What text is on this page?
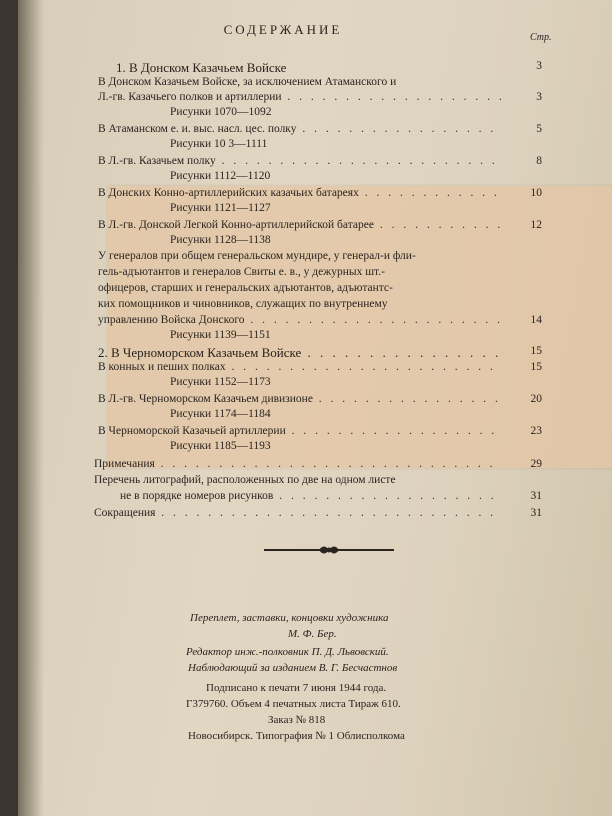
СОДЕРЖАНИЕ
Стр.
1. В Донском Казачьем Войске	3
В Донском Казачьем Войске, за исключением Атаманского и
Л.-гв. Казачьего полков и артиллерии . . . . . . . . . . . . . . . . . . .	3
Рисунки 1070—1092
В Атаманском е. и. выс. насл. цес. полку . . . . . . . . . . . . . . . . .	5
Рисунки 10 3—1111
В Л.-гв. Казачьем полку . . . . . . . . . . . . . . . . . . . . . . . .	8
Рисунки 1112—1120
В Донских Конно-артиллерийских казачьих батареях . . . . . . . . . . . .	10
Рисунки 1121—1127
В Л.-гв. Донской Легкой Конно-артиллерийской батарее . . . . . . . . . . .	12
Рисунки 1128—1138
У генералов при общем генеральском мундире, у генерал-и фли-
гель-адъютантов и генералов Свиты е. в., у дежурных шт.-
офицеров, старших и генеральских адъютантов, адъютантс-
ких помощников и чиновников, служащих по внутреннему
управлению Войска Донского . . . . . . . . . . . . . . . . . . . . . .	14
Рисунки 1139—1151
2. В Черноморском Казачьем Войске . . . . . . . . . . . . . . . .	15
В конных и пеших полках . . . . . . . . . . . . . . . . . . . . . . .	15
Рисунки 1152—1173
В Л.-гв. Черноморском Казачьем дивизионе . . . . . . . . . . . . . . . .	20
Рисунки 1174—1184
В Черноморской Казачьей артиллерии . . . . . . . . . . . . . . . . . .	23
Рисунки 1185—1193
Примечания . . . . . . . . . . . . . . . . . . . . . . . . . . . . .	29
Перечень литографий, расположенных по две на одном листе
не в порядке номеров рисунков . . . . . . . . . . . . . . . . . . .	31
Сокращения . . . . . . . . . . . . . . . . . . . . . . . . . . . . .	31
Переплет, заставки, концовки художника
М. Ф. Бер.
Редактор инж.-полковник П. Д. Львовский.
Наблюдающий за изданием В. Г. Бесчастнов
Подписано к печати 7 июня 1944 года.
Г379760. Объем 4 печатных листа Тираж 610.
Заказ № 818
Новосибирск. Типография № 1 Облисполкома
